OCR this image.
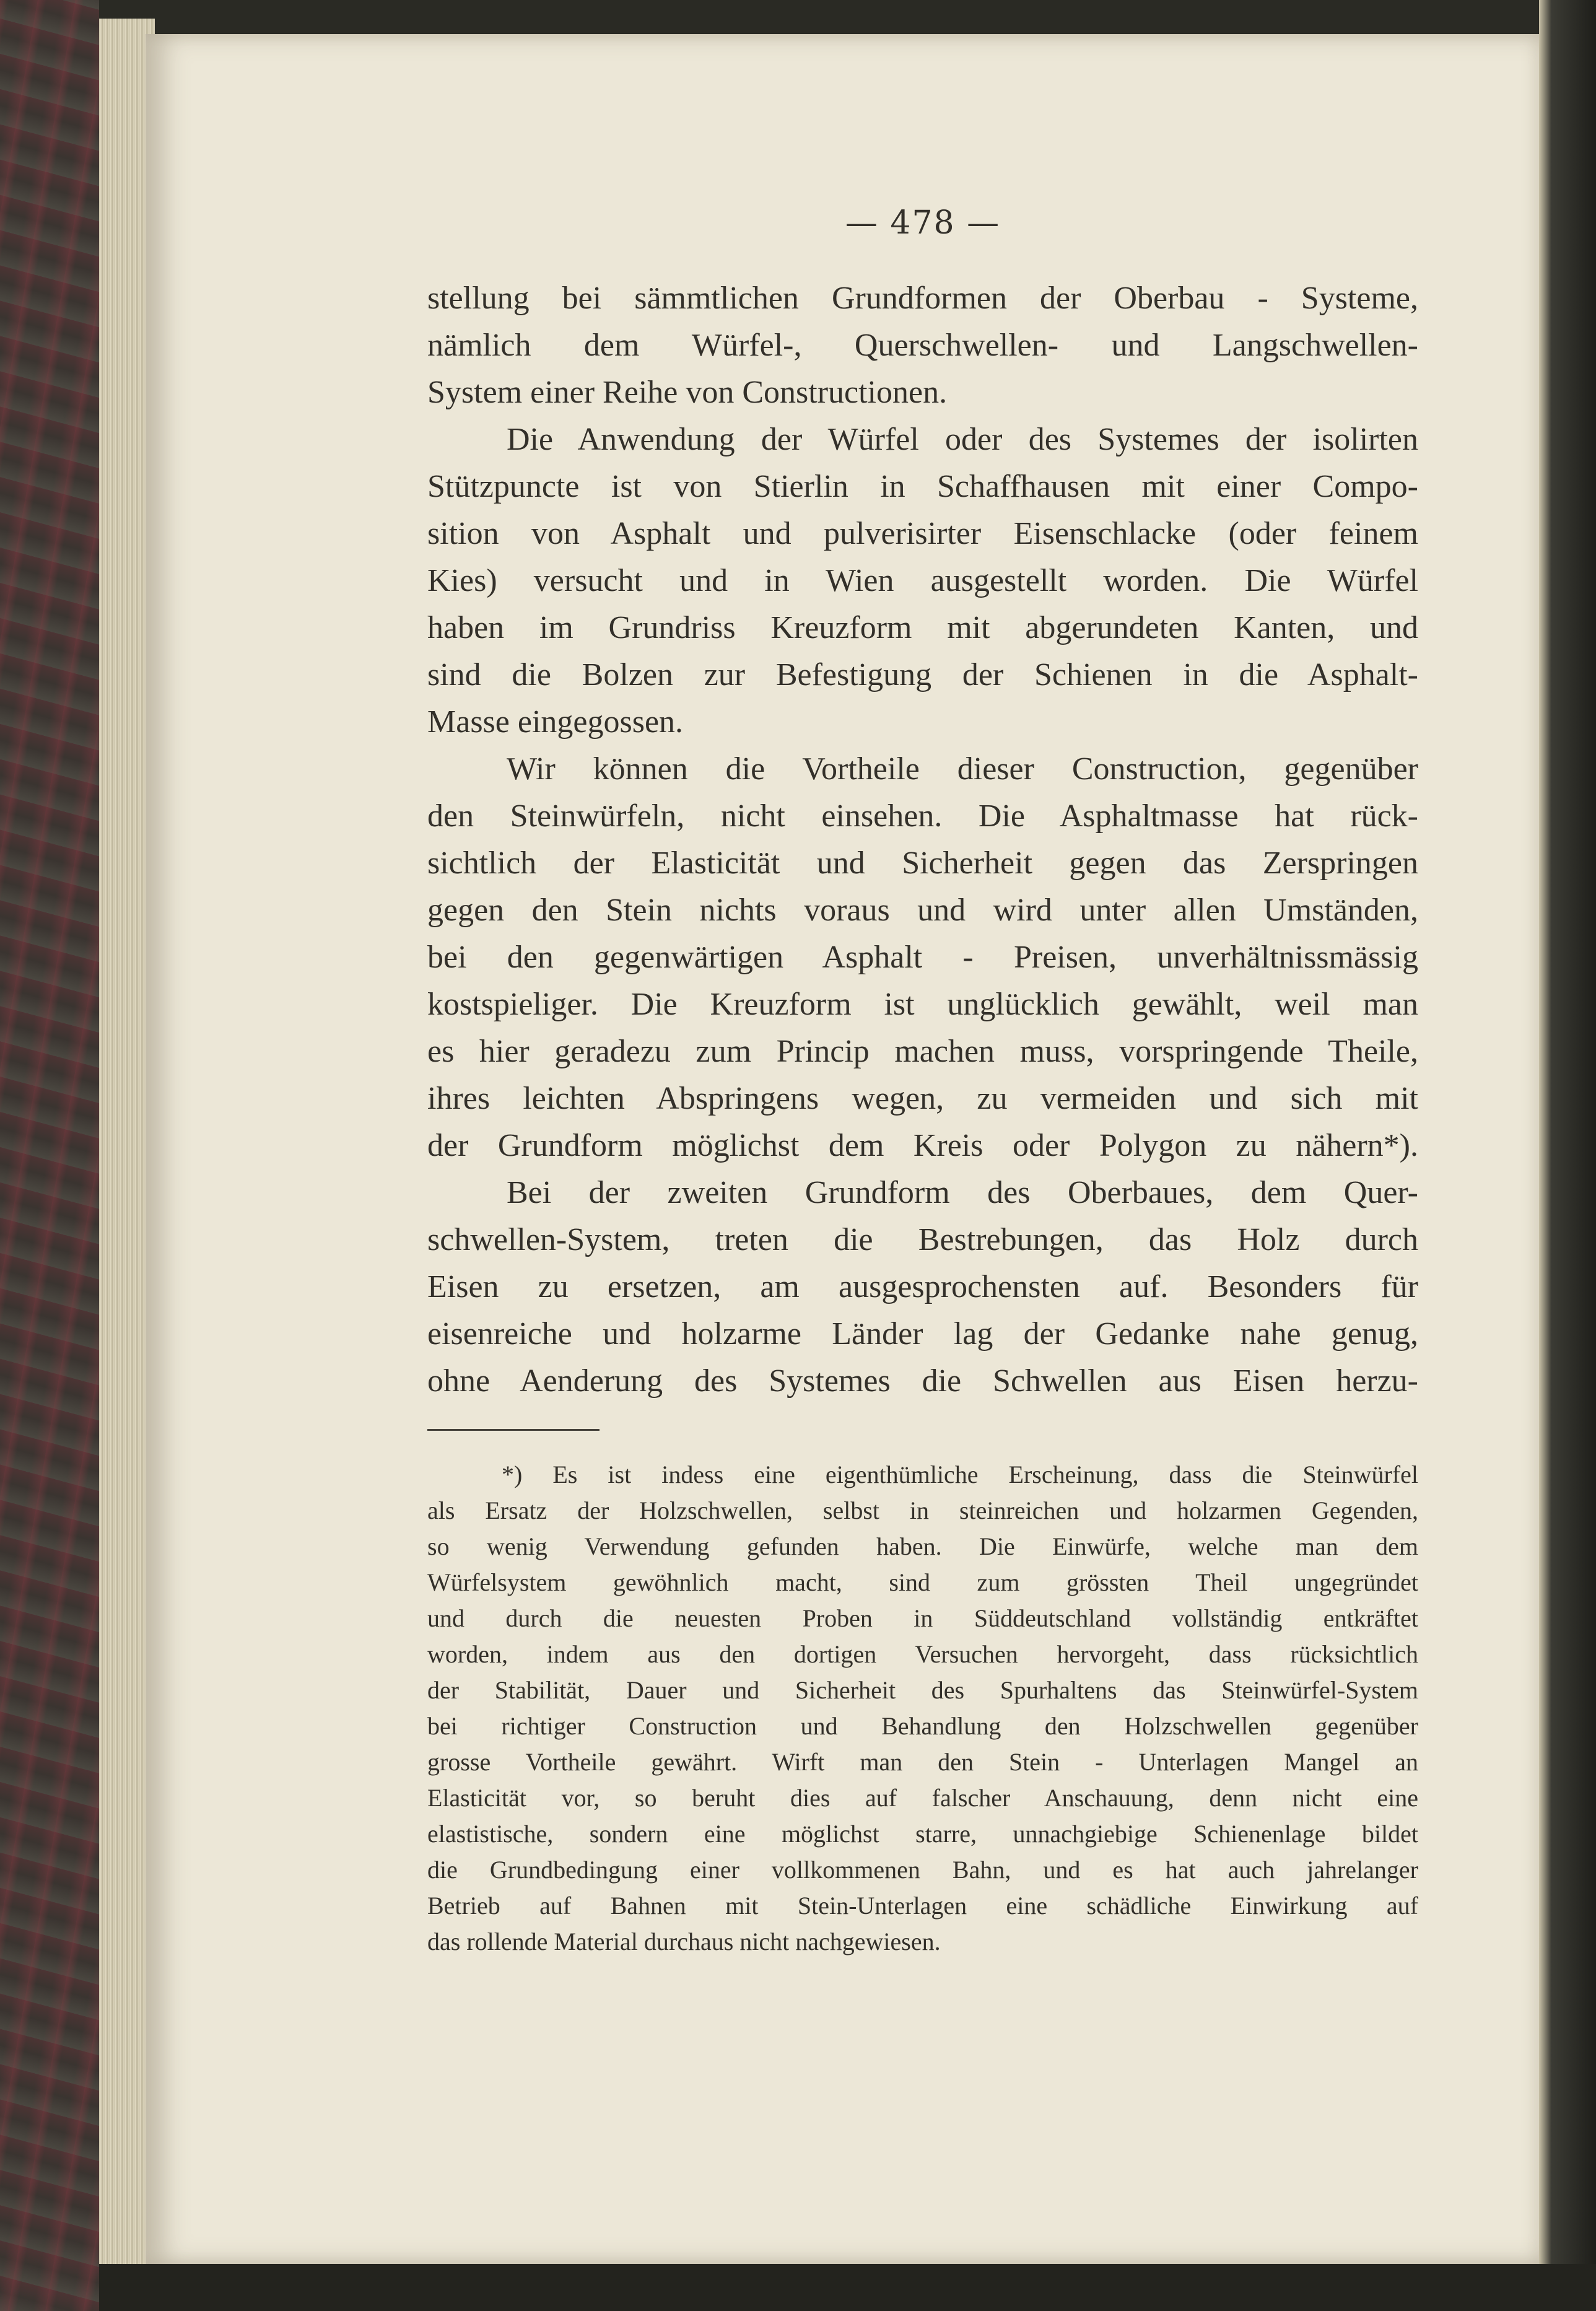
— 478 —
stellung bei sämmtlichen Grundformen der Oberbau - Systeme,
nämlich dem Würfel-, Querschwellen- und Langschwellen-
System einer Reihe von Constructionen.
Die Anwendung der Würfel oder des Systemes der isolirten
Stützpuncte ist von Stierlin in Schaffhausen mit einer Compo-
sition von Asphalt und pulverisirter Eisenschlacke (oder feinem
Kies) versucht und in Wien ausgestellt worden. Die Würfel
haben im Grundriss Kreuzform mit abgerundeten Kanten, und
sind die Bolzen zur Befestigung der Schienen in die Asphalt-
Masse eingegossen.
Wir können die Vortheile dieser Construction, gegenüber
den Steinwürfeln, nicht einsehen. Die Asphaltmasse hat rück-
sichtlich der Elasticität und Sicherheit gegen das Zerspringen
gegen den Stein nichts voraus und wird unter allen Umständen,
bei den gegenwärtigen Asphalt - Preisen, unverhältnissmässig
kostspieliger. Die Kreuzform ist unglücklich gewählt, weil man
es hier geradezu zum Princip machen muss, vorspringende Theile,
ihres leichten Abspringens wegen, zu vermeiden und sich mit
der Grundform möglichst dem Kreis oder Polygon zu nähern*).
Bei der zweiten Grundform des Oberbaues, dem Quer-
schwellen-System, treten die Bestrebungen, das Holz durch
Eisen zu ersetzen, am ausgesprochensten auf. Besonders für
eisenreiche und holzarme Länder lag der Gedanke nahe genug,
ohne Aenderung des Systemes die Schwellen aus Eisen herzu-
*) Es ist indess eine eigenthümliche Erscheinung, dass die Steinwürfel
als Ersatz der Holzschwellen, selbst in steinreichen und holzarmen Gegenden,
so wenig Verwendung gefunden haben. Die Einwürfe, welche man dem
Würfelsystem gewöhnlich macht, sind zum grössten Theil ungegründet
und durch die neuesten Proben in Süddeutschland vollständig entkräftet
worden, indem aus den dortigen Versuchen hervorgeht, dass rücksichtlich
der Stabilität, Dauer und Sicherheit des Spurhaltens das Steinwürfel-System
bei richtiger Construction und Behandlung den Holzschwellen gegenüber
grosse Vortheile gewährt. Wirft man den Stein - Unterlagen Mangel an
Elasticität vor, so beruht dies auf falscher Anschauung, denn nicht eine
elastistische, sondern eine möglichst starre, unnachgiebige Schienenlage bildet
die Grundbedingung einer vollkommenen Bahn, und es hat auch jahrelanger
Betrieb auf Bahnen mit Stein-Unterlagen eine schädliche Einwirkung auf
das rollende Material durchaus nicht nachgewiesen.
